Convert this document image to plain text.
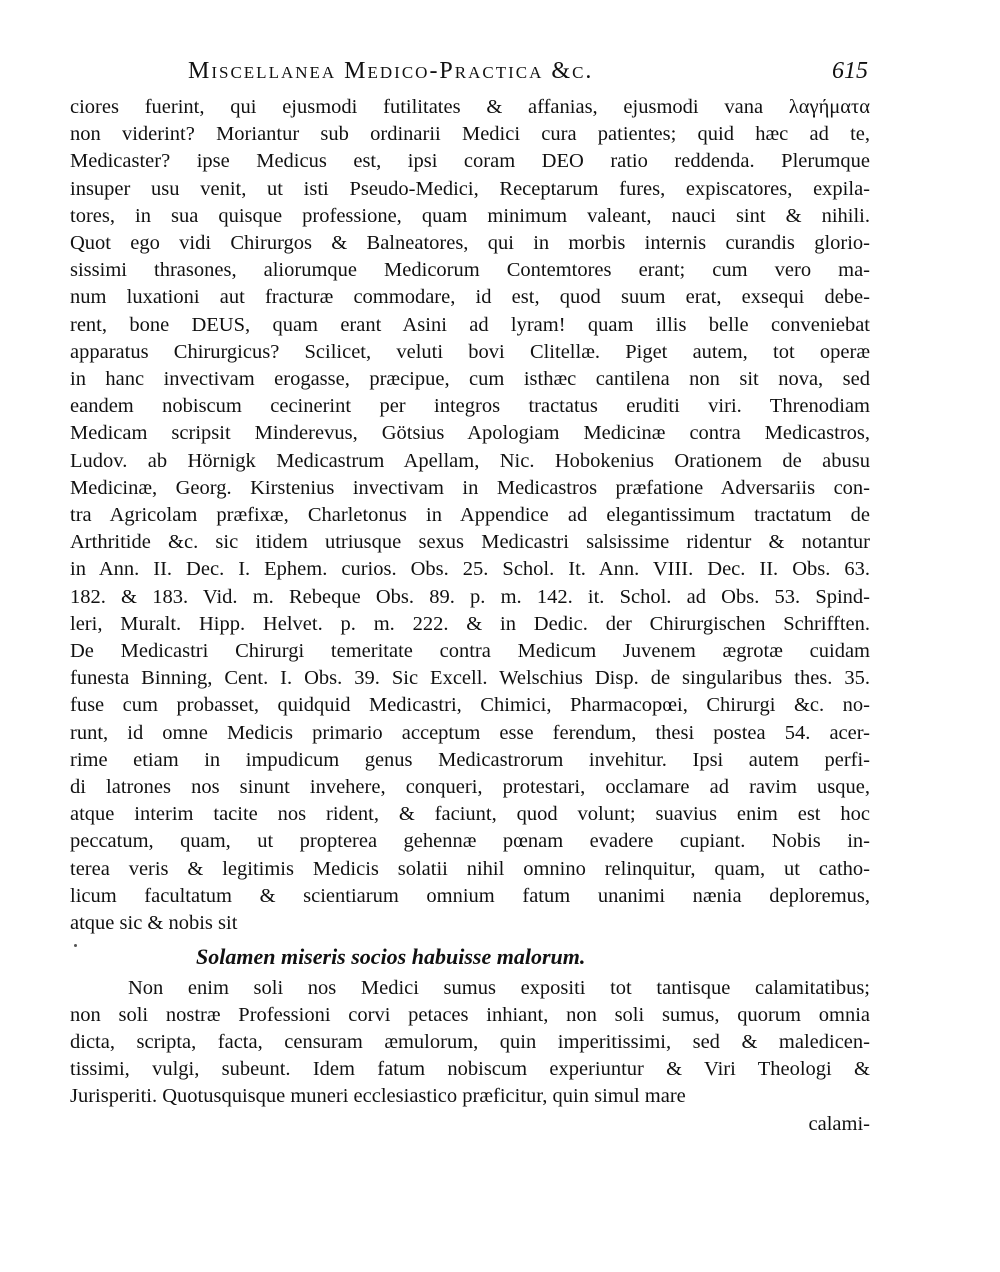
Miscellanea Medico-Practica &c.	615
ciores fuerint, qui ejusmodi futilitates & affanias, ejusmodi vana λαγήματα
non viderint? Moriantur sub ordinarii Medici cura patientes; quid hæc ad te,
Medicaster? ipse Medicus est, ipsi coram DEO ratio reddenda. Plerumque
insuper usu venit, ut isti Pseudo-Medici, Receptarum fures, expiscatores, expila-
tores, in sua quisque professione, quam minimum valeant, nauci sint & nihili.
Quot ego vidi Chirurgos & Balneatores, qui in morbis internis curandis glorio-
sissimi thrasones, aliorumque Medicorum Contemtores erant; cum vero ma-
num luxationi aut fracturæ commodare, id est, quod suum erat, exsequi debe-
rent, bone DEUS, quam erant Asini ad lyram! quam illis belle conveniebat
apparatus Chirurgicus? Scilicet, veluti bovi Clitellæ. Piget autem, tot operæ
in hanc invectivam erogasse, præcipue, cum isthæc cantilena non sit nova, sed
eandem nobiscum cecinerint per integros tractatus eruditi viri. Threnodiam
Medicam scripsit Minderevus, Götsius Apologiam Medicinæ contra Medicastros,
Ludov. ab Hörnigk Medicastrum Apellam, Nic. Hobokenius Orationem de abusu
Medicinæ, Georg. Kirstenius invectivam in Medicastros præfatione Adversariis con-
tra Agricolam præfixæ, Charletonus in Appendice ad elegantissimum tractatum de
Arthritide &c. sic itidem utriusque sexus Medicastri salsissime ridentur & notantur
in Ann. II. Dec. I. Ephem. curios. Obs. 25. Schol. It. Ann. VIII. Dec. II. Obs. 63.
182. & 183. Vid. m. Rebeque Obs. 89. p. m. 142. it. Schol. ad Obs. 53. Spind-
leri, Muralt. Hipp. Helvet. p. m. 222. & in Dedic. der Chirurgischen Schrifften.
De Medicastri Chirurgi temeritate contra Medicum Juvenem ægrotæ cuidam
funesta Binning, Cent. I. Obs. 39. Sic Excell. Welschius Disp. de singularibus thes. 35.
fuse cum probasset, quidquid Medicastri, Chimici, Pharmacopœi, Chirurgi &c. no-
runt, id omne Medicis primario acceptum esse ferendum, thesi postea 54. acer-
rime etiam in impudicum genus Medicastrorum invehitur. Ipsi autem perfi-
di latrones nos sinunt invehere, conqueri, protestari, occlamare ad ravim usque,
atque interim tacite nos rident, & faciunt, quod volunt; suavius enim est hoc
peccatum, quam, ut propterea gehennæ pœnam evadere cupiant. Nobis in-
terea veris & legitimis Medicis solatii nihil omnino relinquitur, quam, ut catho-
licum facultatum & scientiarum omnium fatum unanimi nænia deploremus,
atque sic & nobis sit
Solamen miseris socios habuisse malorum.
Non enim soli nos Medici sumus expositi tot tantisque calamitatibus;
non soli nostræ Professioni corvi petaces inhiant, non soli sumus, quorum omnia
dicta, scripta, facta, censuram æmulorum, quin imperitissimi, sed & maledicen-
tissimi, vulgi, subeunt. Idem fatum nobiscum experiuntur & Viri Theologi &
Jurisperiti. Quotusquisque muneri ecclesiastico præficitur, quin simul mare
calami-
